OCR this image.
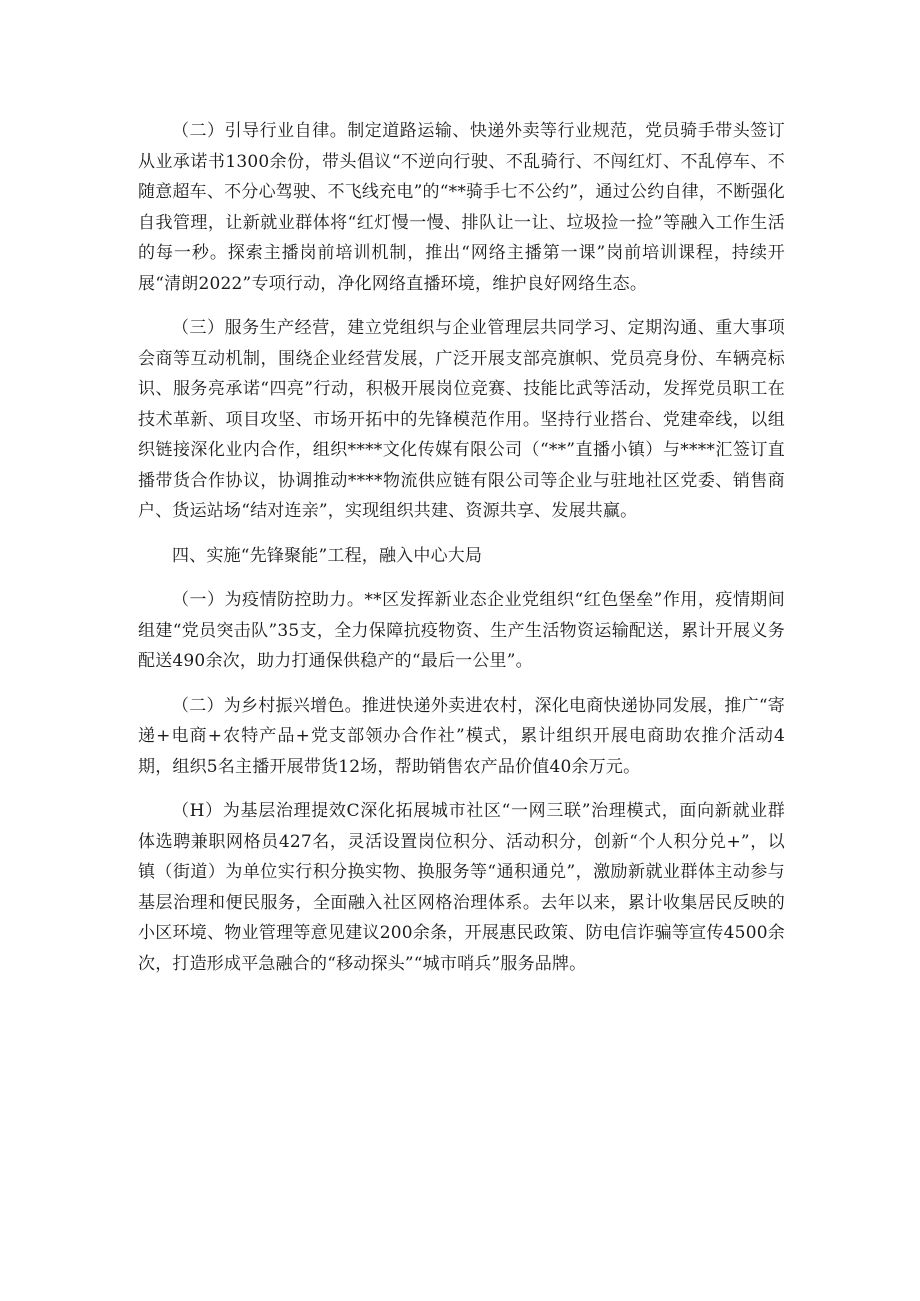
（二）引导行业自律。制定道路运输、快递外卖等行业规范，党员骑手带头签订从业承诺书1300余份，带头倡议“不逆向行驶、不乱骑行、不闯红灯、不乱停车、不随意超车、不分心驾驶、不飞线充电”的“**骑手七不公约”，通过公约自律，不断强化自我管理，让新就业群体将“红灯慢一慢、排队让一让、垃圾捡一捡”等融入工作生活的每一秒。探索主播岗前培训机制，推出“网络主播第一课”岗前培训课程，持续开展“清朗2022”专项行动，净化网络直播环境，维护良好网络生态。

（三）服务生产经营，建立党组织与企业管理层共同学习、定期沟通、重大事项会商等互动机制，围绕企业经营发展，广泛开展支部亮旗帜、党员亮身份、车辆亮标识、服务亮承诺“四亮”行动，积极开展岗位竞赛、技能比武等活动，发挥党员职工在技术革新、项目攻坚、市场开拓中的先锋模范作用。坚持行业搭台、党建牵线，以组织链接深化业内合作，组织****文化传媒有限公司（“**”直播小镇）与****汇签订直播带货合作协议，协调推动****物流供应链有限公司等企业与驻地社区党委、销售商户、货运站场“结对连亲”，实现组织共建、资源共享、发展共赢。

四、实施“先锋聚能”工程，融入中心大局

（一）为疫情防控助力。**区发挥新业态企业党组织“红色堡垒”作用，疫情期间组建“党员突击队”35支，全力保障抗疫物资、生产生活物资运输配送，累计开展义务配送490余次，助力打通保供稳产的“最后一公里”。

（二）为乡村振兴增色。推进快递外卖进农村，深化电商快递协同发展，推广“寄递+电商+农特产品+党支部领办合作社”模式，累计组织开展电商助农推介活动4期，组织5名主播开展带货12场，帮助销售农产品价值40余万元。

（H）为基层治理提效C深化拓展城市社区“一网三联”治理模式，面向新就业群体选聘兼职网格员427名，灵活设置岗位积分、活动积分，创新“个人积分兑+”，以镇（街道）为单位实行积分换实物、换服务等“通积通兑”，激励新就业群体主动参与基层治理和便民服务，全面融入社区网格治理体系。去年以来，累计收集居民反映的小区环境、物业管理等意见建议200余条，开展惠民政策、防电信诈骗等宣传4500余次，打造形成平急融合的“移动探头”“城市哨兵”服务品牌。
